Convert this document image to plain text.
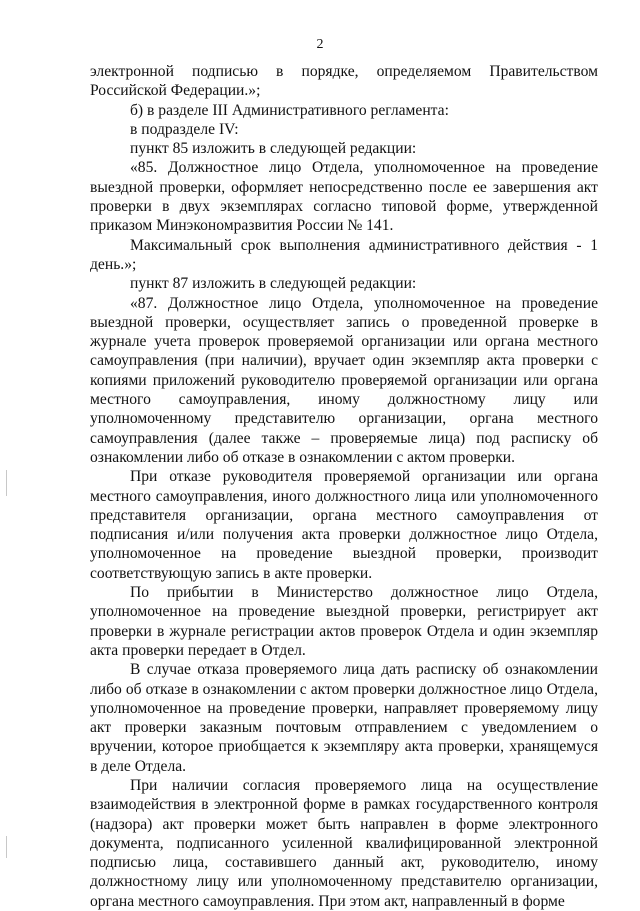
2

электронной подписью в порядке, определяемом Правительством Российской Федерации.»;

б) в разделе III Административного регламента:

в подразделе IV:

пункт 85 изложить в следующей редакции:

«85. Должностное лицо Отдела, уполномоченное на проведение выездной проверки, оформляет непосредственно после ее завершения акт проверки в двух экземплярах согласно типовой форме, утвержденной приказом Минэкономразвития России № 141.

Максимальный срок выполнения административного действия - 1 день.»;

пункт 87 изложить в следующей редакции:

«87. Должностное лицо Отдела, уполномоченное на проведение выездной проверки, осуществляет запись о проведенной проверке в журнале учета проверок проверяемой организации или органа местного самоуправления (при наличии), вручает один экземпляр акта проверки с копиями приложений руководителю проверяемой организации или органа местного самоуправления, иному должностному лицу или уполномоченному представителю организации, органа местного самоуправления (далее также – проверяемые лица) под расписку об ознакомлении либо об отказе в ознакомлении с актом проверки.

При отказе руководителя проверяемой организации или органа местного самоуправления, иного должностного лица или уполномоченного представителя организации, органа местного самоуправления от подписания и/или получения акта проверки должностное лицо Отдела, уполномоченное на проведение выездной проверки, производит соответствующую запись в акте проверки.

По прибытии в Министерство должностное лицо Отдела, уполномоченное на проведение выездной проверки, регистрирует акт проверки в журнале регистрации актов проверок Отдела и один экземпляр акта проверки передает в Отдел.

В случае отказа проверяемого лица дать расписку об ознакомлении либо об отказе в ознакомлении с актом проверки должностное лицо Отдела, уполномоченное на проведение проверки, направляет проверяемому лицу акт проверки заказным почтовым отправлением с уведомлением о вручении, которое приобщается к экземпляру акта проверки, хранящемуся в деле Отдела.

При наличии согласия проверяемого лица на осуществление взаимодействия в электронной форме в рамках государственного контроля (надзора) акт проверки может быть направлен в форме электронного документа, подписанного усиленной квалифицированной электронной подписью лица, составившего данный акт, руководителю, иному должностному лицу или уполномоченному представителю организации, органа местного самоуправления. При этом акт, направленный в форме
